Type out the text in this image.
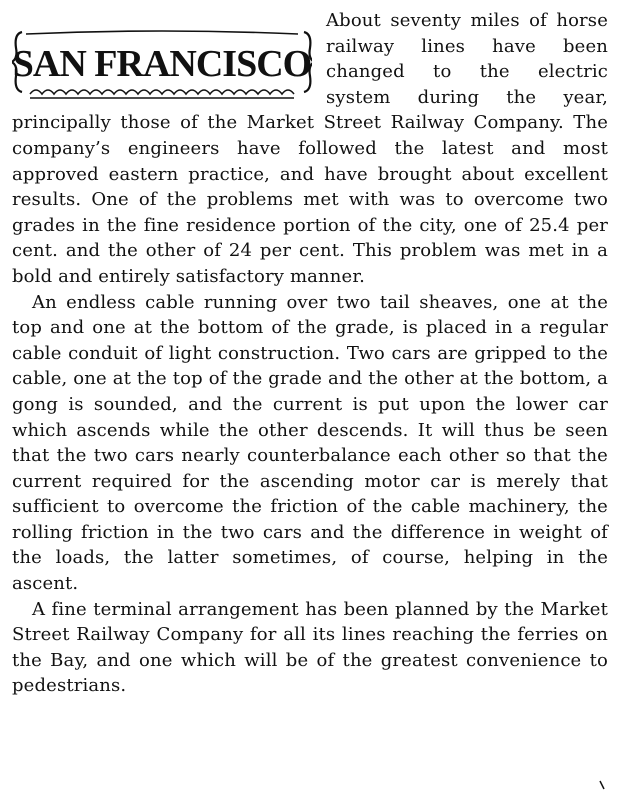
SAN FRANCISCO

About seventy miles of horse railway lines have been changed to the electric system during the year, principally those of the Market Street Railway Company. The company’s engineers have followed the latest and most approved eastern practice, and have brought about excellent results. One of the problems met with was to overcome two grades in the fine residence portion of the city, one of 25.4 per cent. and the other of 24 per cent. This problem was met in a bold and entirely satisfactory manner.

An endless cable running over two tail sheaves, one at the top and one at the bottom of the grade, is placed in a regular cable conduit of light construction. Two cars are gripped to the cable, one at the top of the grade and the other at the bottom, a gong is sounded, and the current is put upon the lower car which ascends while the other descends. It will thus be seen that the two cars nearly counterbalance each other so that the current required for the ascending motor car is merely that sufficient to overcome the friction of the cable machinery, the rolling friction in the two cars and the difference in weight of the loads, the latter sometimes, of course, helping in the ascent.

A fine terminal arrangement has been planned by the Market Street Railway Company for all its lines reaching the ferries on the Bay, and one which will be of the greatest convenience to pedestrians.
